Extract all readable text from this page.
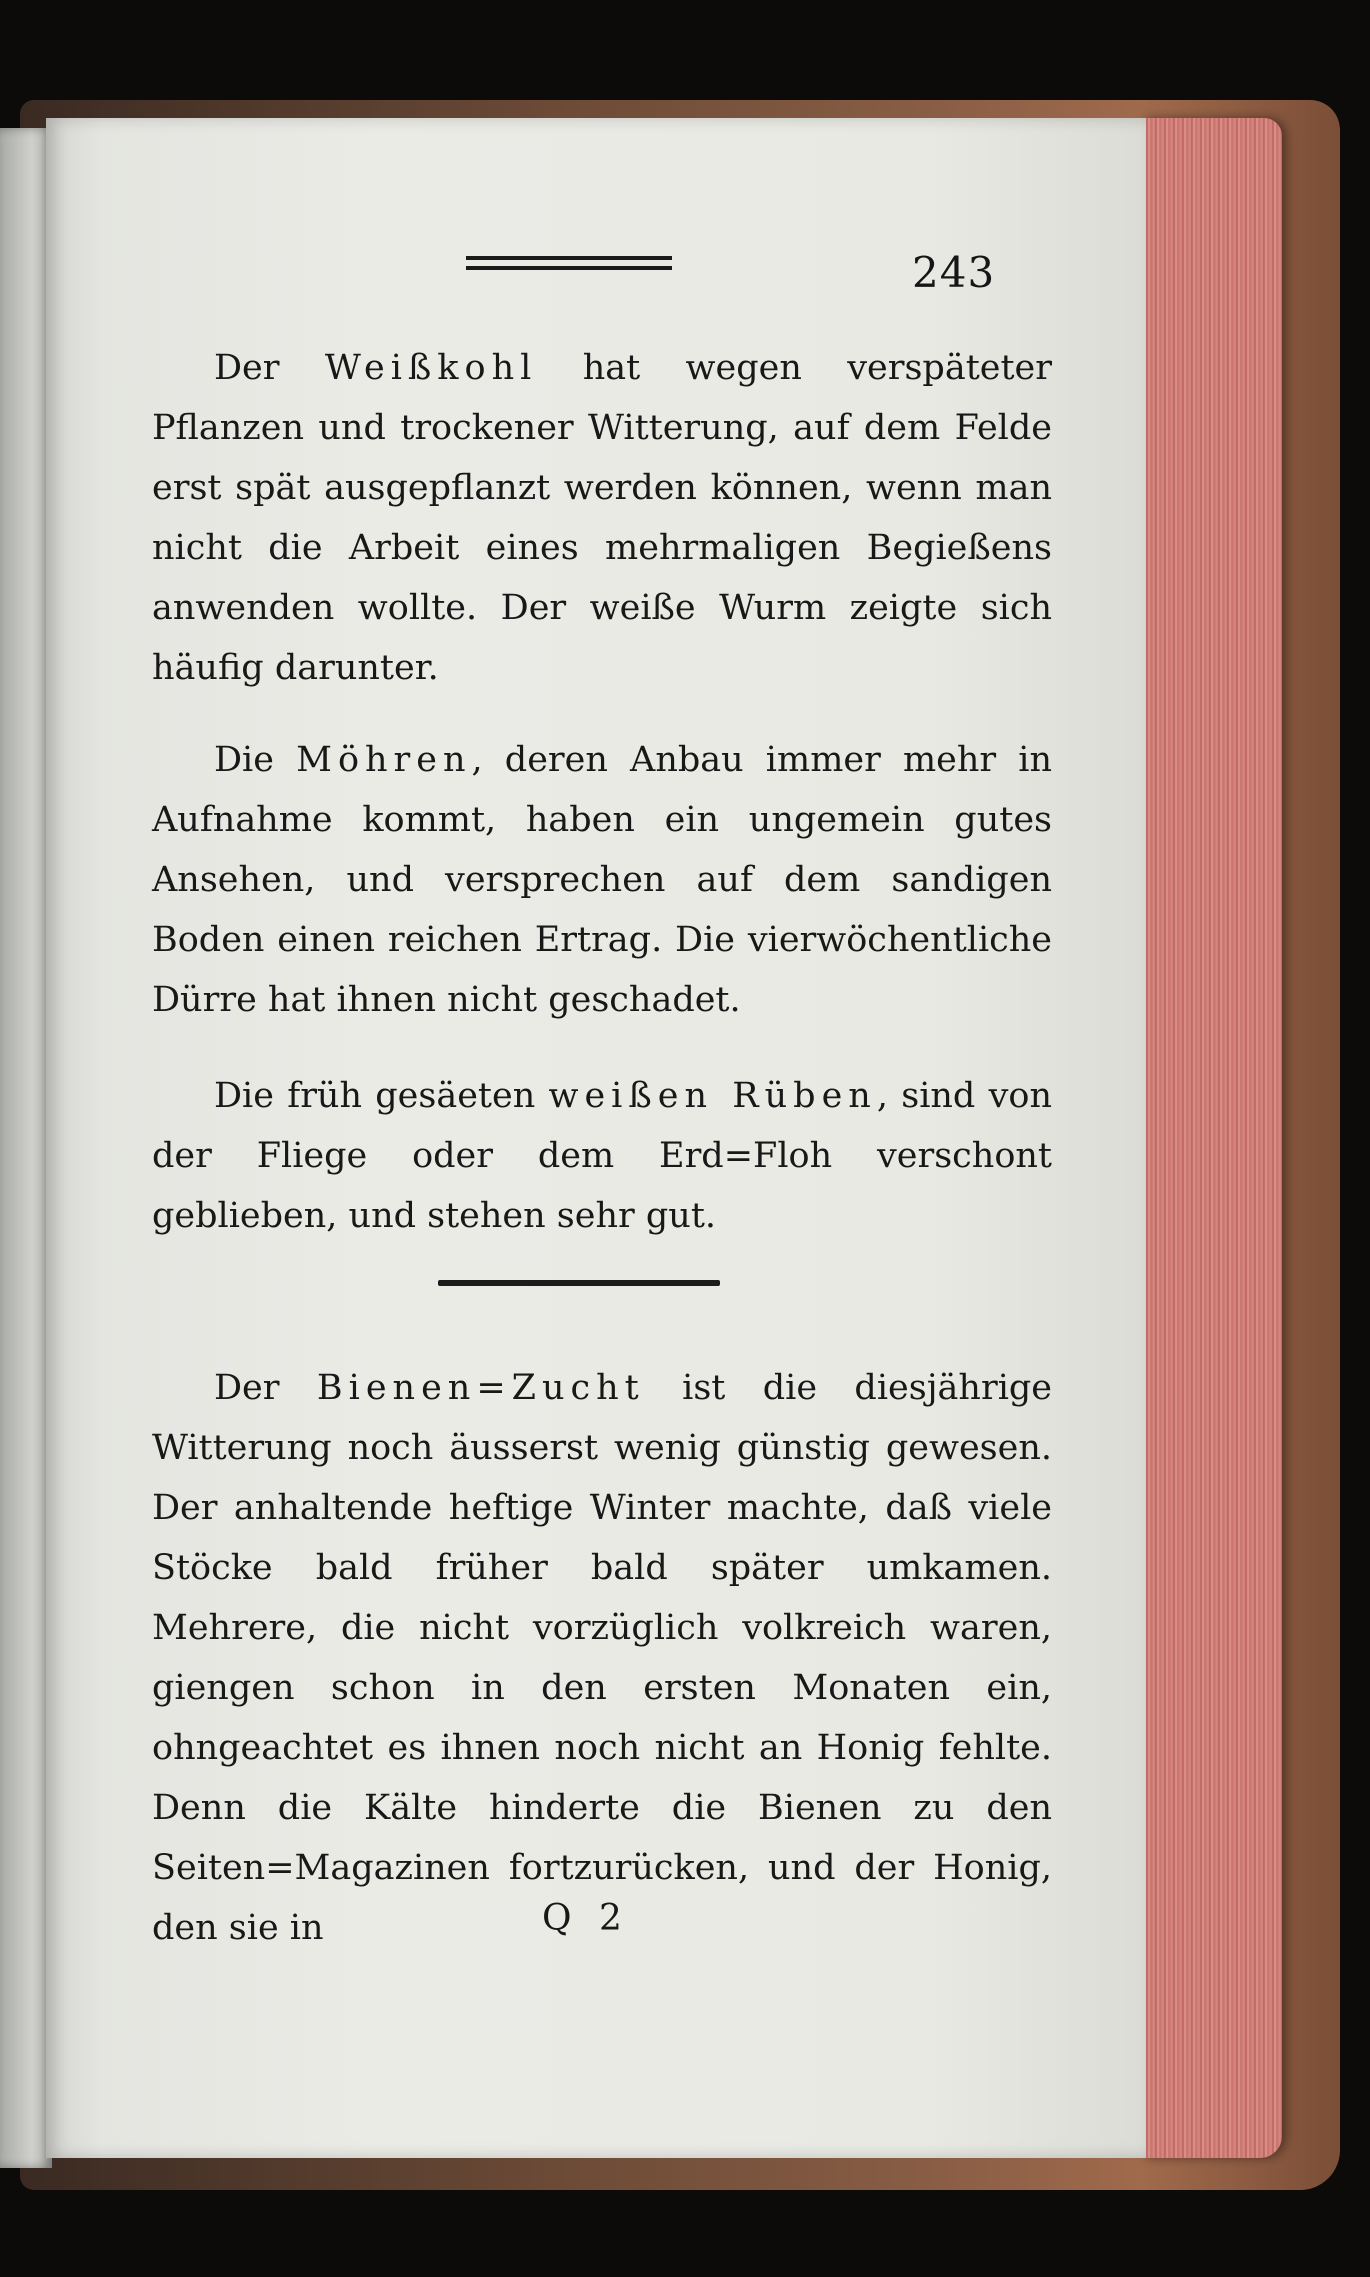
243

Der Weißkohl hat wegen verspäteter Pflanzen und trockener Witterung, auf dem Felde erst spät ausgepflanzt werden können, wenn man nicht die Arbeit eines mehrmaligen Begießens anwenden wollte. Der weiße Wurm zeigte sich häufig darunter.

Die Möhren, deren Anbau immer mehr in Aufnahme kommt, haben ein ungemein gutes Ansehen, und versprechen auf dem sandigen Boden einen reichen Ertrag. Die vierwöchentliche Dürre hat ihnen nicht geschadet.

Die früh gesäeten weißen Rüben, sind von der Fliege oder dem Erd=Floh verschont geblieben, und stehen sehr gut.

Der Bienen=Zucht ist die diesjährige Witterung noch äusserst wenig günstig gewesen. Der anhaltende heftige Winter machte, daß viele Stöcke bald früher bald später umkamen. Mehrere, die nicht vorzüglich volkreich waren, giengen schon in den ersten Monaten ein, ohngeachtet es ihnen noch nicht an Honig fehlte. Denn die Kälte hinderte die Bienen zu den Seiten=Magazinen fortzurücken, und der Honig, den sie in	Q 2
